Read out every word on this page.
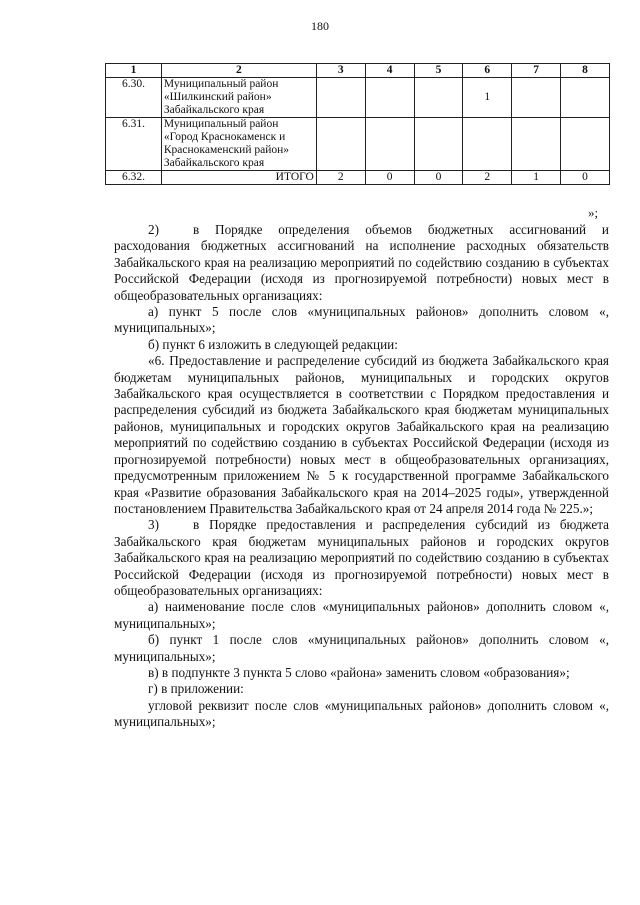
180
1	2	3	4	5	6	7	8
6.30.	Муниципальный район
«Шилкинский район»
Забайкальского края				1		
6.31.	Муниципальный район
«Город Краснокаменск и
Краснокаменский район»
Забайкальского края						

6.32.	ИТОГО	2	0	0	2	1	0
»;

2)	в Порядке определения объемов бюджетных ассигнований и расходования бюджетных ассигнований на исполнение расходных обязательств Забайкальского края на реализацию мероприятий по содействию созданию в субъектах Российской Федерации (исходя из прогнозируемой потребности) новых мест в общеобразовательных организациях:

а) пункт 5 после слов «муниципальных районов» дополнить словом «, муниципальных»;

б) пункт 6 изложить в следующей редакции:

«6. Предоставление и распределение субсидий из бюджета Забайкальского края бюджетам муниципальных районов, муниципальных и городских округов Забайкальского края осуществляется в соответствии с Порядком предоставления и распределения субсидий из бюджета Забайкальского края бюджетам муниципальных районов, муниципальных и городских округов Забайкальского края на реализацию мероприятий по содействию созданию в субъектах Российской Федерации (исходя из прогнозируемой потребности) новых мест в общеобразовательных организациях, предусмотренным приложением № 5 к государственной программе Забайкальского края «Развитие образования Забайкальского края на 2014–2025 годы», утвержденной постановлением Правительства Забайкальского края от 24 апреля 2014 года № 225.»;

3)	в Порядке предоставления и распределения субсидий из бюджета Забайкальского края бюджетам муниципальных районов и городских округов Забайкальского края на реализацию мероприятий по содействию созданию в субъектах Российской Федерации (исходя из прогнозируемой потребности) новых мест в общеобразовательных организациях:

а) наименование после слов «муниципальных районов» дополнить словом «, муниципальных»;

б) пункт 1 после слов «муниципальных районов» дополнить словом «, муниципальных»;

в) в подпункте 3 пункта 5 слово «района» заменить словом «образования»;

г) в приложении:

угловой реквизит после слов «муниципальных районов» дополнить словом «, муниципальных»;
